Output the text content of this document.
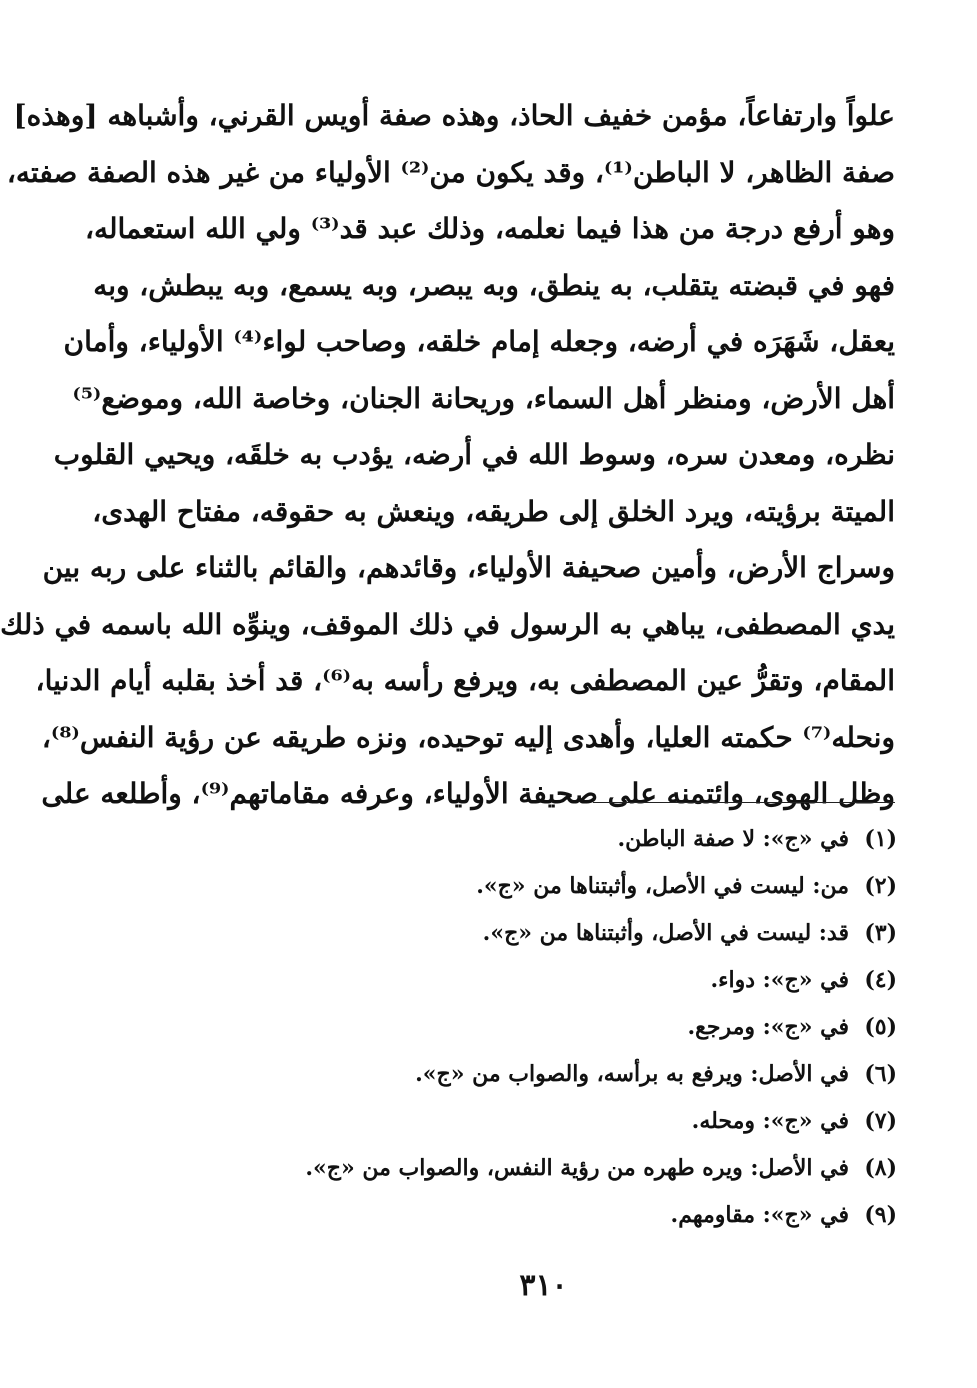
علواً وارتفاعاً، مؤمن خفيف الحاذ، وهذه صفة أويس القرني، وأشباهه [وهذه]
صفة الظاهر، لا الباطن⁽¹⁾، وقد يكون من⁽²⁾ الأولياء من غير هذه الصفة صفته،
وهو أرفع درجة من هذا فيما نعلمه، وذلك عبد قد⁽³⁾ ولي الله استعماله،
فهو في قبضته يتقلب، به ينطق، وبه يبصر، وبه يسمع، وبه يبطش، وبه
يعقل، شَهَرَه في أرضه، وجعله إمام خلقه، وصاحب لواء⁽⁴⁾ الأولياء، وأمان
أهل الأرض، ومنظر أهل السماء، وريحانة الجنان، وخاصة الله، وموضع⁽⁵⁾
نظره، ومعدن سره، وسوط الله في أرضه، يؤدب به خلقَه، ويحيي القلوب
الميتة برؤيته، ويرد الخلق إلى طريقه، وينعش به حقوقه، مفتاح الهدى،
وسراج الأرض، وأمين صحيفة الأولياء، وقائدهم، والقائم بالثناء على ربه بين
يدي المصطفى، يباهي به الرسول في ذلك الموقف، وينوِّه الله باسمه في ذلك
المقام، وتقرُّ عين المصطفى به، ويرفع رأسه به⁽⁶⁾، قد أخذ بقلبه أيام الدنيا،
ونحله⁽⁷⁾ حكمته العليا، وأهدى إليه توحيده، ونزه طريقه عن رؤية النفس⁽⁸⁾،
وظل الهوى، وائتمنه على صحيفة الأولياء، وعرفه مقاماتهم⁽⁹⁾، وأطلعه على
(١)
في «ج»: لا صفة الباطن.
(٢)
من: ليست في الأصل، وأثبتناها من «ج».
(٣)
قد: ليست في الأصل، وأثبتناها من «ج».
(٤)
في «ج»: دواء.
(٥)
في «ج»: ومرجع.
(٦)
في الأصل: ويرفع به برأسه، والصواب من «ج».
(٧)
في «ج»: ومحله.
(٨)
في الأصل: ويره طهره من رؤية النفس، والصواب من «ج».
(٩)
في «ج»: مقاومهم.
٣١٠
